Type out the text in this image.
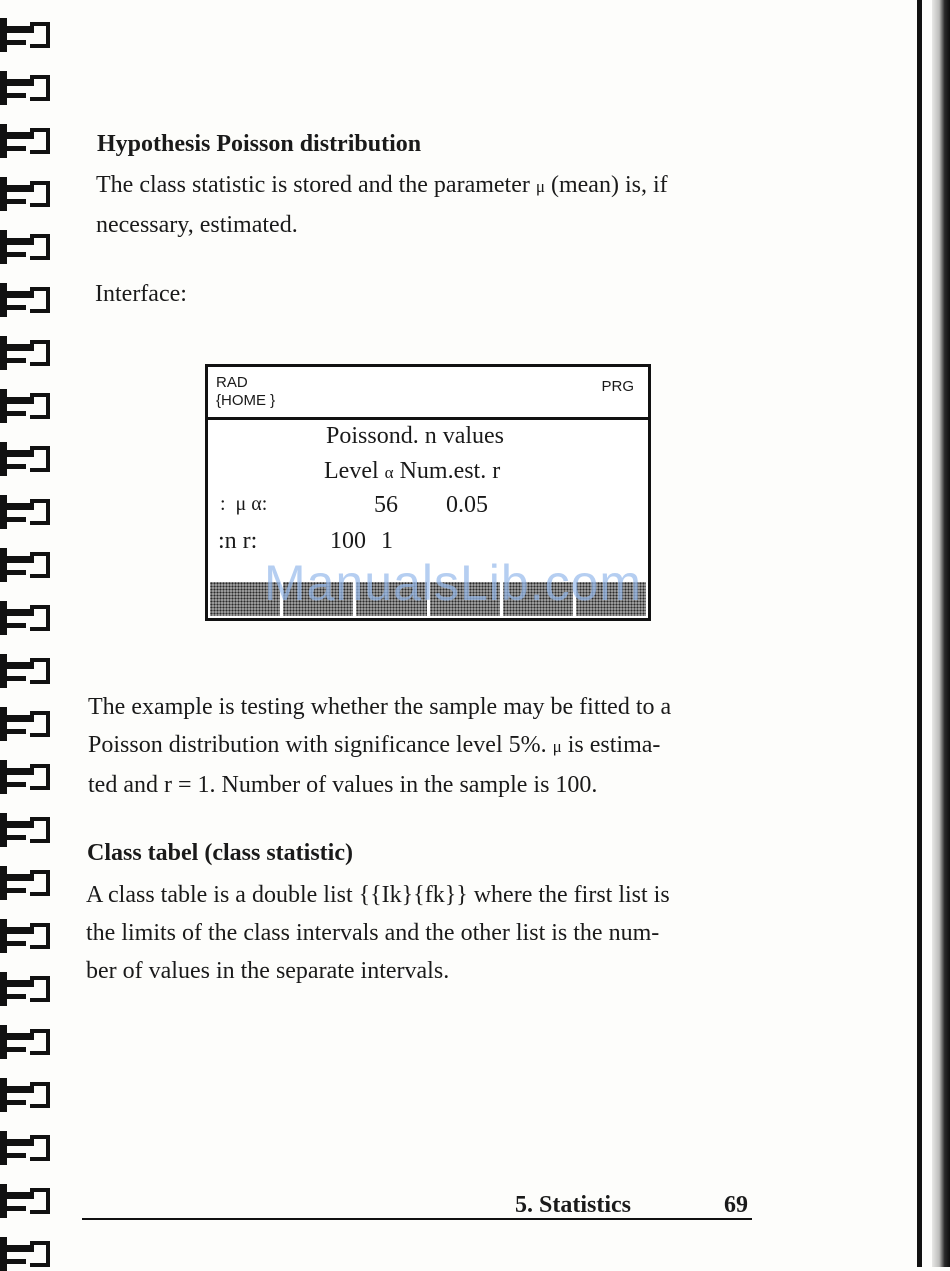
Hypothesis Poisson distribution
The class statistic is stored and the parameter μ (mean) is, if
necessary, estimated.
Interface:
RAD
{HOME }
PRG
Poissond. n values
Level α Num.est. r
:  μ α:	56 0.05
:n r:	100 1
ManualsLib.com
The example is testing whether the sample may be fitted to a
Poisson distribution with significance level 5%. μ is estima-
ted and r = 1. Number of values in the sample is 100.
Class tabel (class statistic)
A class table is a double list {{Ik}{fk}} where the first list is
the limits of the class intervals and the other list is the num-
ber of values in the separate intervals.
5. Statistics	69
